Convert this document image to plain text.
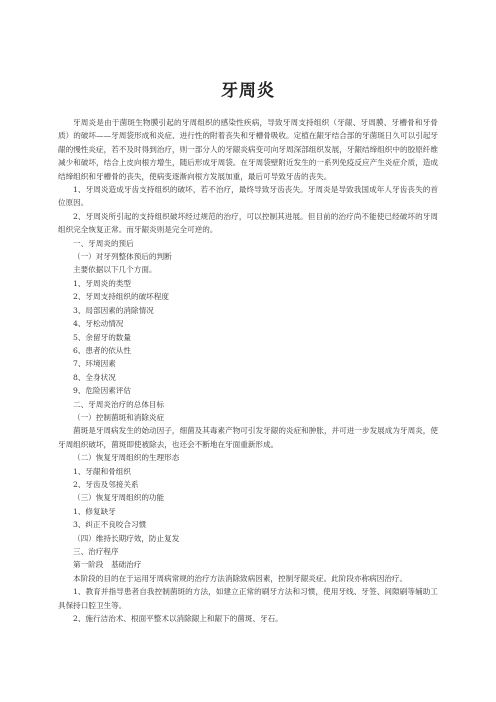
牙周炎

牙周炎是由于菌斑生物膜引起的牙周组织的感染性疾病，导致牙周支持组织（牙龈、牙周膜、牙槽骨和牙骨质）的破坏——牙周袋形成和炎症、进行性的附着丧失和牙槽骨吸收。定植在龈牙结合部的牙菌斑日久可以引起牙龈的慢性炎症，若不及时得到治疗，则一部分人的牙龈炎病变可向牙周深部组织发展，牙龈结缔组织中的胶原纤维减少和破坏，结合上皮向根方增生，随后形成牙周袋。在牙周袋壁附近发生的一系列免疫反应产生炎症介质，造成结缔组织和牙槽骨的丧失，使病变逐渐向根方发展加重，最后可导致牙齿的丧失。

1、牙周炎造成牙齿支持组织的破坏，若不治疗，最终导致牙齿丧失。牙周炎是导致我国成年人牙齿丧失的首位原因。

2、牙周炎所引起的支持组织破坏经过规范的治疗，可以控制其进展。但目前的治疗尚不能使已经破坏的牙周组织完全恢复正常。而牙龈炎则是完全可逆的。

一、牙周炎的预后

（一）对牙列整体预后的判断

主要依据以下几个方面。

1、牙周炎的类型

2、牙周支持组织的破坏程度

3、局部因素的消除情况

4、牙松动情况

5、余留牙的数量

6、患者的依从性

7、环境因素

8、全身状况

9、危险因素评估

二、牙周炎治疗的总体目标

（一）控制菌斑和消除炎症

菌斑是牙周病发生的始动因子，细菌及其毒素产物可引发牙龈的炎症和肿胀，并可进一步发展成为牙周炎，使牙周组织破坏，菌斑即使被除去，也还会不断地在牙面重新形成。

（二）恢复牙周组织的生理形态

1、牙龈和骨组织

2、牙齿及邻接关系

（三）恢复牙周组织的功能

1、修复缺牙

3、纠正不良咬合习惯

（四）维持长期疗效，防止复发

三、治疗程序

第一阶段　基础治疗

本阶段的目的在于运用牙周病常规的治疗方法消除致病因素，控制牙龈炎症。此阶段亦称病因治疗。

1、教育并指导患者自我控制菌斑的方法，如建立正常的刷牙方法和习惯，使用牙线、牙签、间隙刷等辅助工具保持口腔卫生等。

2、施行洁治术、根面平整术以消除龈上和龈下的菌斑、牙石。
